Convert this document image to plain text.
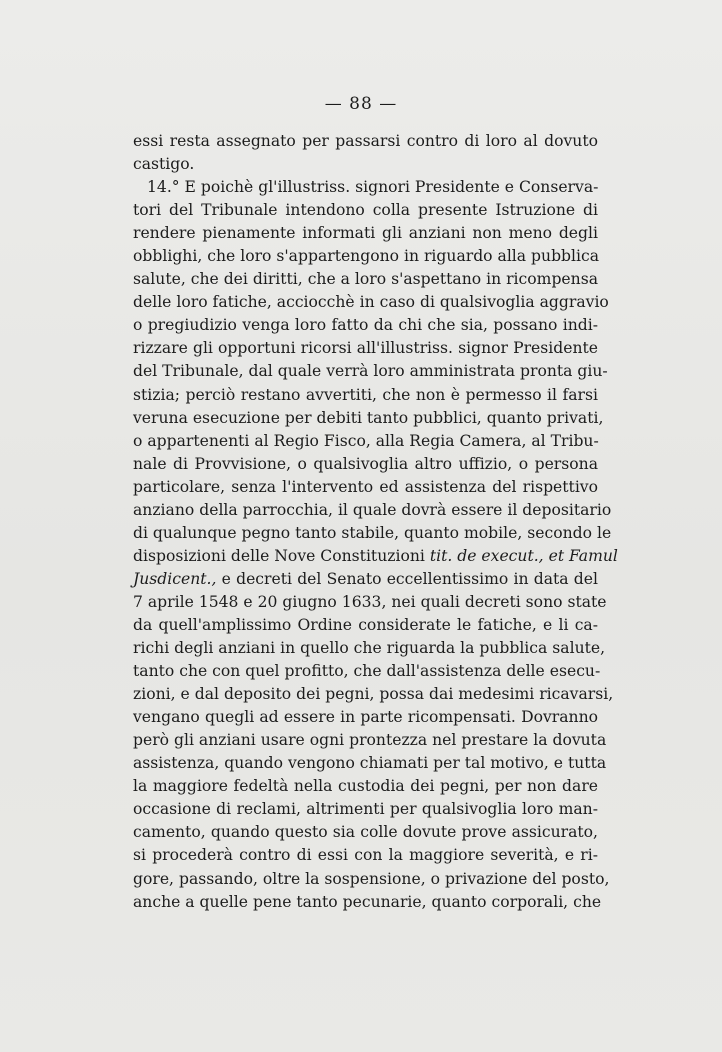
— 88 —
essi resta assegnato per passarsi contro di loro al dovuto
castigo.
14.° E poichè gl'illustriss. signori Presidente e Conserva-
tori del Tribunale intendono colla presente Istruzione di
rendere pienamente informati gli anziani non meno degli
obblighi, che loro s'appartengono in riguardo alla pubblica
salute, che dei diritti, che a loro s'aspettano in ricompensa
delle loro fatiche, acciocchè in caso di qualsivoglia aggravio
o pregiudizio venga loro fatto da chi che sia, possano indi-
rizzare gli opportuni ricorsi all'illustriss. signor Presidente
del Tribunale, dal quale verrà loro amministrata pronta giu-
stizia; perciò restano avvertiti, che non è permesso il farsi
veruna esecuzione per debiti tanto pubblici, quanto privati,
o appartenenti al Regio Fisco, alla Regia Camera, al Tribu-
nale di Provvisione, o qualsivoglia altro uffizio, o persona
particolare, senza l'intervento ed assistenza del rispettivo
anziano della parrocchia, il quale dovrà essere il depositario
di qualunque pegno tanto stabile, quanto mobile, secondo le
disposizioni delle Nove Constituzioni tit. de execut., et Famul
Jusdicent., e decreti del Senato eccellentissimo in data del
7 aprile 1548 e 20 giugno 1633, nei quali decreti sono state
da quell'amplissimo Ordine considerate le fatiche, e li ca-
richi degli anziani in quello che riguarda la pubblica salute,
tanto che con quel profitto, che dall'assistenza delle esecu-
zioni, e dal deposito dei pegni, possa dai medesimi ricavarsi,
vengano quegli ad essere in parte ricompensati. Dovranno
però gli anziani usare ogni prontezza nel prestare la dovuta
assistenza, quando vengono chiamati per tal motivo, e tutta
la maggiore fedeltà nella custodia dei pegni, per non dare
occasione di reclami, altrimenti per qualsivoglia loro man-
camento, quando questo sia colle dovute prove assicurato,
si procederà contro di essi con la maggiore severità, e ri-
gore, passando, oltre la sospensione, o privazione del posto,
anche a quelle pene tanto pecunarie, quanto corporali, che
